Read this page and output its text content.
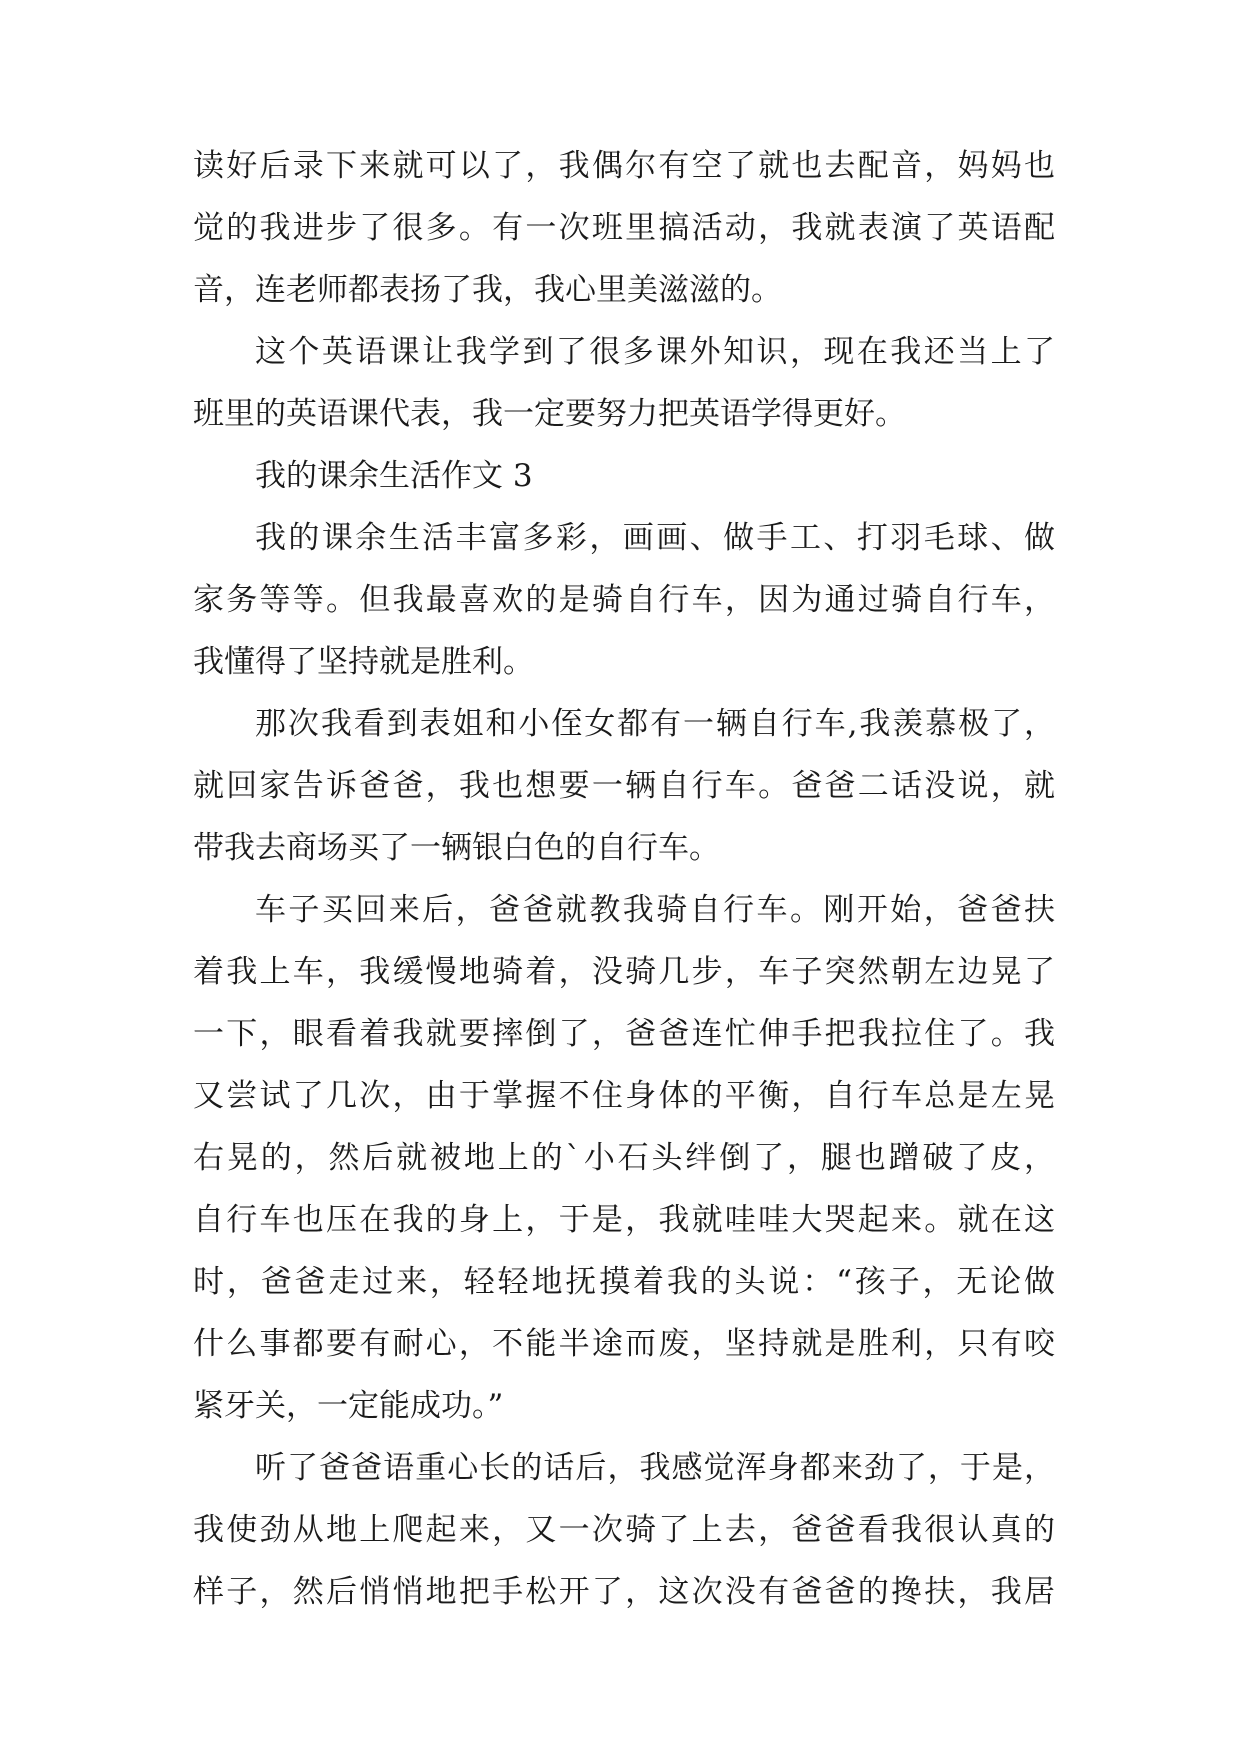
读好后录下来就可以了，我偶尔有空了就也去配音，妈妈也

觉的我进步了很多。有一次班里搞活动，我就表演了英语配

音，连老师都表扬了我，我心里美滋滋的。

这个英语课让我学到了很多课外知识，现在我还当上了

班里的英语课代表，我一定要努力把英语学得更好。

我的课余生活作文 3

我的课余生活丰富多彩，画画、做手工、打羽毛球、做

家务等等。但我最喜欢的是骑自行车，因为通过骑自行车，

我懂得了坚持就是胜利。

那次我看到表姐和小侄女都有一辆自行车,我羡慕极了，

就回家告诉爸爸，我也想要一辆自行车。爸爸二话没说，就

带我去商场买了一辆银白色的自行车。

车子买回来后，爸爸就教我骑自行车。刚开始，爸爸扶

着我上车，我缓慢地骑着，没骑几步，车子突然朝左边晃了

一下，眼看着我就要摔倒了，爸爸连忙伸手把我拉住了。我

又尝试了几次，由于掌握不住身体的平衡，自行车总是左晃

右晃的，然后就被地上的`小石头绊倒了，腿也蹭破了皮，

自行车也压在我的身上，于是，我就哇哇大哭起来。就在这

时，爸爸走过来，轻轻地抚摸着我的头说：“孩子，无论做

什么事都要有耐心，不能半途而废，坚持就是胜利，只有咬

紧牙关，一定能成功。”

听了爸爸语重心长的话后，我感觉浑身都来劲了，于是，

我使劲从地上爬起来，又一次骑了上去，爸爸看我很认真的

样子，然后悄悄地把手松开了，这次没有爸爸的搀扶，我居
